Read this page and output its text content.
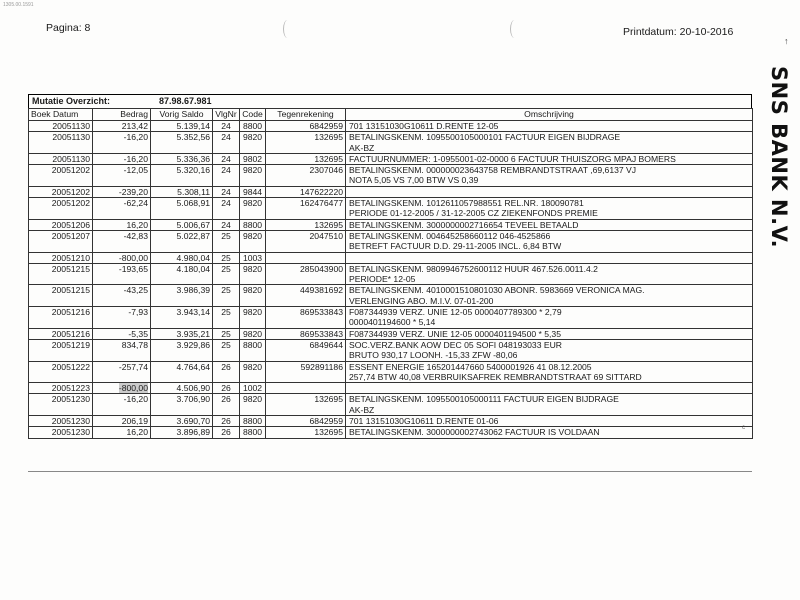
1305.00.1591
Pagina: 8	Printdatum: 20-10-2016
↑
SNS BANK N.V.
c
Mutatie Overzicht:	87.98.67.981
Boek Datum	Bedrag	Vorig Saldo	VlgNr	Code	Tegenrekening	Omschrijving
20051130	213,42	5.139,14	24	8800	6842959	701 13151030G10611 D.RENTE 12-05

20051130	-16,20	5.352,56	24	9820	132695	BETALINGSKENM. 1095500105000101 FACTUUR EIGEN BIJDRAGE
AK-BZ

20051130	-16,20	5.336,36	24	9802	132695	FACTUURNUMMER: 1-0955001-02-0000 6 FACTUUR THUISZORG MPAJ BOMERS

20051202	-12,05	5.320,16	24	9820	2307046	BETALINGSKENM. 000000023643758 REMBRANDTSTRAAT ,69,6137 VJ
NOTA 5,05 VS 7,00 BTW VS 0,39

20051202	-239,20	5.308,11	24	9844	147622220	

20051202	-62,24	5.068,91	24	9820	162476477	BETALINGSKENM. 1012611057988551 REL.NR. 180090781
PERIODE 01-12-2005 / 31-12-2005 CZ ZIEKENFONDS PREMIE

20051206	16,20	5.006,67	24	8800	132695	BETALINGSKENM. 3000000002716654 TEVEEL BETAALD

20051207	-42,83	5.022,87	25	9820	2047510	BETALINGSKENM. 004645258660112 046-4525866
BETREFT FACTUUR D.D. 29-11-2005 INCL. 6,84 BTW

20051210	-800,00	4.980,04	25	1003		

20051215	-193,65	4.180,04	25	9820	285043900	BETALINGSKENM. 9809946752600112 HUUR 467.526.0011.4.2
PERIODE* 12-05

20051215	-43,25	3.986,39	25	9820	449381692	BETALINGSKENM. 4010001510801030 ABONR. 5983669 VERONICA MAG.
VERLENGING ABO. M.I.V. 07-01-200

20051216	-7,93	3.943,14	25	9820	869533843	F087344939 VERZ. UNIE 12-05 0000407789300 * 2,79
0000401194600 * 5,14

20051216	-5,35	3.935,21	25	9820	869533843	F087344939 VERZ. UNIE 12-05 0000401194500 * 5,35

20051219	834,78	3.929,86	25	8800	6849644	SOC.VERZ.BANK AOW DEC 05 SOFI 048193033 EUR
BRUTO 930,17 LOONH. -15,33 ZFW -80,06

20051222	-257,74	4.764,64	26	9820	592891186	ESSENT ENERGIE 165201447660 5400001926 41 08.12.2005
257,74 BTW 40,08 VERBRUIKSAFREK REMBRANDTSTRAAT 69 SITTARD

20051223	-800,00	4.506,90	26	1002		

20051230	-16,20	3.706,90	26	9820	132695	BETALINGSKENM. 1095500105000111 FACTUUR EIGEN BIJDRAGE
AK-BZ

20051230	206,19	3.690,70	26	8800	6842959	701 13151030G10611 D.RENTE 01-06

20051230	16,20	3.896,89	26	8800	132695	BETALINGSKENM. 3000000002743062 FACTUUR IS VOLDAAN
